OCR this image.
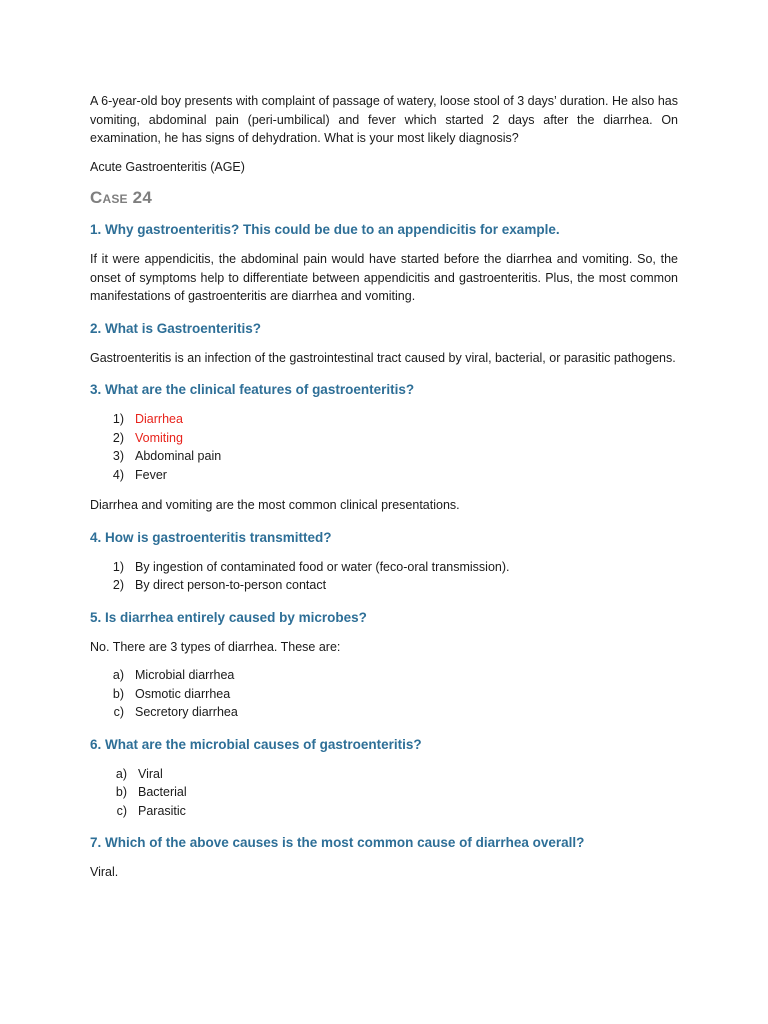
A 6-year-old boy presents with complaint of passage of watery, loose stool of 3 days’ duration. He also has vomiting, abdominal pain (peri-umbilical) and fever which started 2 days after the diarrhea. On examination, he has signs of dehydration. What is your most likely diagnosis?

Acute Gastroenteritis (AGE)

Case 24
1. Why gastroenteritis? This could be due to an appendicitis for example.

If it were appendicitis, the abdominal pain would have started before the diarrhea and vomiting. So, the onset of symptoms help to differentiate between appendicitis and gastroenteritis. Plus, the most common manifestations of gastroenteritis are diarrhea and vomiting.

2. What is Gastroenteritis?

Gastroenteritis is an infection of the gastrointestinal tract caused by viral, bacterial, or parasitic pathogens.

3. What are the clinical features of gastroenteritis?
1) Diarrhea
2) Vomiting
3) Abdominal pain
4) Fever

Diarrhea and vomiting are the most common clinical presentations.

4. How is gastroenteritis transmitted?
1) By ingestion of contaminated food or water (feco-oral transmission).
2) By direct person-to-person contact
5. Is diarrhea entirely caused by microbes?

No. There are 3 types of diarrhea. These are:

a) Microbial diarrhea
b) Osmotic diarrhea
c) Secretory diarrhea
6. What are the microbial causes of gastroenteritis?
a) Viral
b) Bacterial
c) Parasitic
7. Which of the above causes is the most common cause of diarrhea overall?

Viral.
